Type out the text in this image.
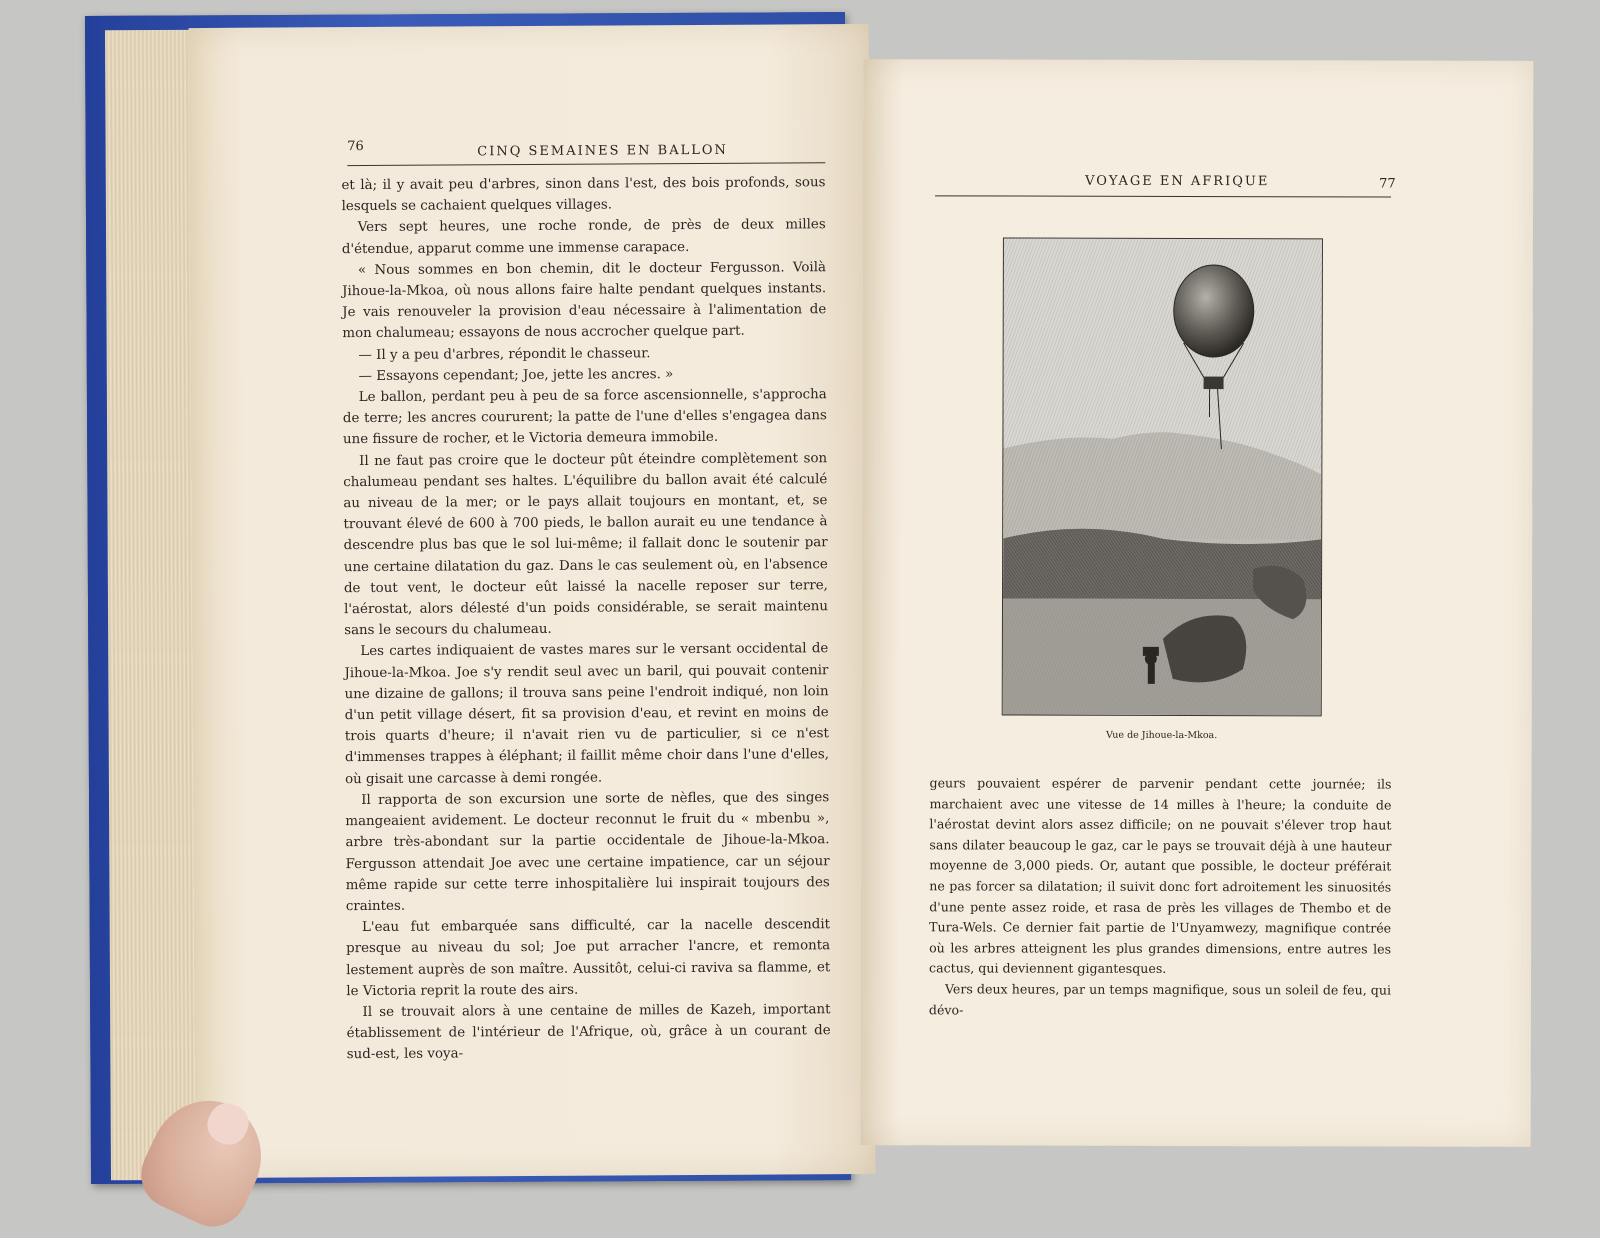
76	CINQ SEMAINES EN BALLON

et là; il y avait peu d'arbres, sinon dans l'est, des bois profonds, sous lesquels se cachaient quelques villages.

Vers sept heures, une roche ronde, de près de deux milles d'étendue, apparut comme une immense carapace.

« Nous sommes en bon chemin, dit le docteur Fergusson. Voilà Jihoue-la-Mkoa, où nous allons faire halte pendant quelques instants. Je vais renouveler la provision d'eau nécessaire à l'alimentation de mon chalumeau; essayons de nous accrocher quelque part.

— Il y a peu d'arbres, répondit le chasseur.

— Essayons cependant; Joe, jette les ancres. »

Le ballon, perdant peu à peu de sa force ascensionnelle, s'approcha de terre; les ancres coururent; la patte de l'une d'elles s'engagea dans une fissure de rocher, et le Victoria demeura immobile.

Il ne faut pas croire que le docteur pût éteindre complètement son chalumeau pendant ses haltes. L'équilibre du ballon avait été calculé au niveau de la mer; or le pays allait toujours en montant, et, se trouvant élevé de 600 à 700 pieds, le ballon aurait eu une tendance à descendre plus bas que le sol lui-même; il fallait donc le soutenir par une certaine dilatation du gaz. Dans le cas seulement où, en l'absence de tout vent, le docteur eût laissé la nacelle reposer sur terre, l'aérostat, alors délesté d'un poids considérable, se serait maintenu sans le secours du chalumeau.

Les cartes indiquaient de vastes mares sur le versant occidental de Jihoue-la-Mkoa. Joe s'y rendit seul avec un baril, qui pouvait contenir une dizaine de gallons; il trouva sans peine l'endroit indiqué, non loin d'un petit village désert, fit sa provision d'eau, et revint en moins de trois quarts d'heure; il n'avait rien vu de particulier, si ce n'est d'immenses trappes à éléphant; il faillit même choir dans l'une d'elles, où gisait une carcasse à demi rongée.

Il rapporta de son excursion une sorte de nèfles, que des singes mangeaient avidement. Le docteur reconnut le fruit du « mbenbu », arbre très-abondant sur la partie occidentale de Jihoue-la-Mkoa. Fergusson attendait Joe avec une certaine impatience, car un séjour même rapide sur cette terre inhospitalière lui inspirait toujours des craintes.

L'eau fut embarquée sans difficulté, car la nacelle descendit presque au niveau du sol; Joe put arracher l'ancre, et remonta lestement auprès de son maître. Aussitôt, celui-ci raviva sa flamme, et le Victoria reprit la route des airs.

Il se trouvait alors à une centaine de milles de Kazeh, important établissement de l'intérieur de l'Afrique, où, grâce à un courant de sud-est, les voya-

VOYAGE EN AFRIQUE	77
Vue de Jihoue-la-Mkoa.

geurs pouvaient espérer de parvenir pendant cette journée; ils marchaient avec une vitesse de 14 milles à l'heure; la conduite de l'aérostat devint alors assez difficile; on ne pouvait s'élever trop haut sans dilater beaucoup le gaz, car le pays se trouvait déjà à une hauteur moyenne de 3,000 pieds. Or, autant que possible, le docteur préférait ne pas forcer sa dilatation; il suivit donc fort adroitement les sinuosités d'une pente assez roide, et rasa de près les villages de Thembo et de Tura-Wels. Ce dernier fait partie de l'Unyamwezy, magnifique contrée où les arbres atteignent les plus grandes dimensions, entre autres les cactus, qui deviennent gigantesques.

Vers deux heures, par un temps magnifique, sous un soleil de feu, qui dévo-
